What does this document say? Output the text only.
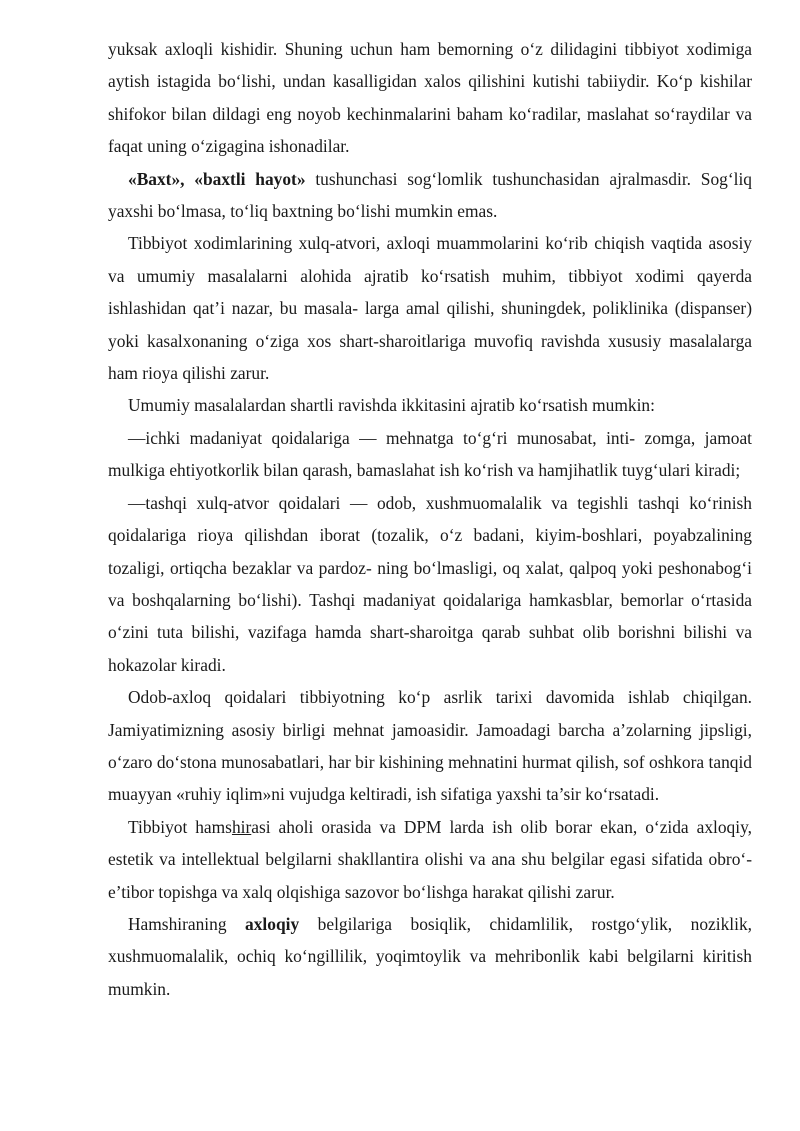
yuksak axloqli kishidir. Shuning uchun ham bemorning o‘z dilidagini tibbiyot xodimiga aytish istagida bo‘lishi, undan kasalligidan xalos qilishini kutishi tabiiydir. Ko‘p kishilar shifokor bilan dildagi eng noyob kechinmalarini baham ko‘radilar, maslahat so‘raydilar va faqat uning o‘zigagina ishonadilar.

«Baxt», «baxtli hayot» tushunchasi sog‘lomlik tushunchasidan ajralmasdir. Sog‘liq yaxshi bo‘lmasa, to‘liq baxtning bo‘lishi mumkin emas.

Tibbiyot xodimlarining xulq-atvori, axloqi muammolarini ko‘rib chiqish vaqtida asosiy va umumiy masalalarni alohida ajratib ko‘rsatish muhim, tibbiyot xodimi qayerda ishlashidan qat’i nazar, bu masala- larga amal qilishi, shuningdek, poliklinika (dispanser) yoki kasalxonaning o‘ziga xos shart-sharoitlariga muvofiq ravishda xususiy masalalarga ham rioya qilishi zarur.

Umumiy masalalardan shartli ravishda ikkitasini ajratib ko‘rsatish mumkin:

—ichki madaniyat qoidalariga — mehnatga to‘g‘ri munosabat, inti- zomga, jamoat mulkiga ehtiyotkorlik bilan qarash, bamaslahat ish ko‘rish va hamjihatlik tuyg‘ulari kiradi;

—tashqi xulq-atvor qoidalari — odob, xushmuomalalik va tegishli tashqi ko‘rinish qoidalariga rioya qilishdan iborat (tozalik, o‘z badani, kiyim-boshlari, poyabzalining tozaligi, ortiqcha bezaklar va pardoz- ning bo‘lmasligi, oq xalat, qalpoq yoki peshonabog‘i va boshqalarning bo‘lishi). Tashqi madaniyat qoidalariga hamkasblar, bemorlar o‘rtasida o‘zini tuta bilishi, vazifaga hamda shart-sharoitga qarab suhbat olib borishni bilishi va hokazolar kiradi.

Odob-axloq qoidalari tibbiyotning ko‘p asrlik tarixi davomida ishlab chiqilgan. Jamiyatimizning asosiy birligi mehnat jamoasidir. Jamoadagi barcha a’zolarning jipsligi, o‘zaro do‘stona munosabatlari, har bir kishining mehnatini hurmat qilish, sof oshkora tanqid muayyan «ruhiy iqlim»ni vujudga keltiradi, ish sifatiga yaxshi ta’sir ko‘rsatadi.

Tibbiyot hamshirasi aholi orasida va DPM larda ish olib borar ekan, o‘zida axloqiy, estetik va intellektual belgilarni shakllantira olishi va ana shu belgilar egasi sifatida obro‘-e’tibor topishga va xalq olqishiga sazovor bo‘lishga harakat qilishi zarur.

Hamshiraning axloqiy belgilariga bosiqlik, chidamlilik, rostgo‘ylik, noziklik, xushmuomalalik, ochiq ko‘ngillilik, yoqimtoylik va mehribonlik kabi belgilarni kiritish mumkin.
